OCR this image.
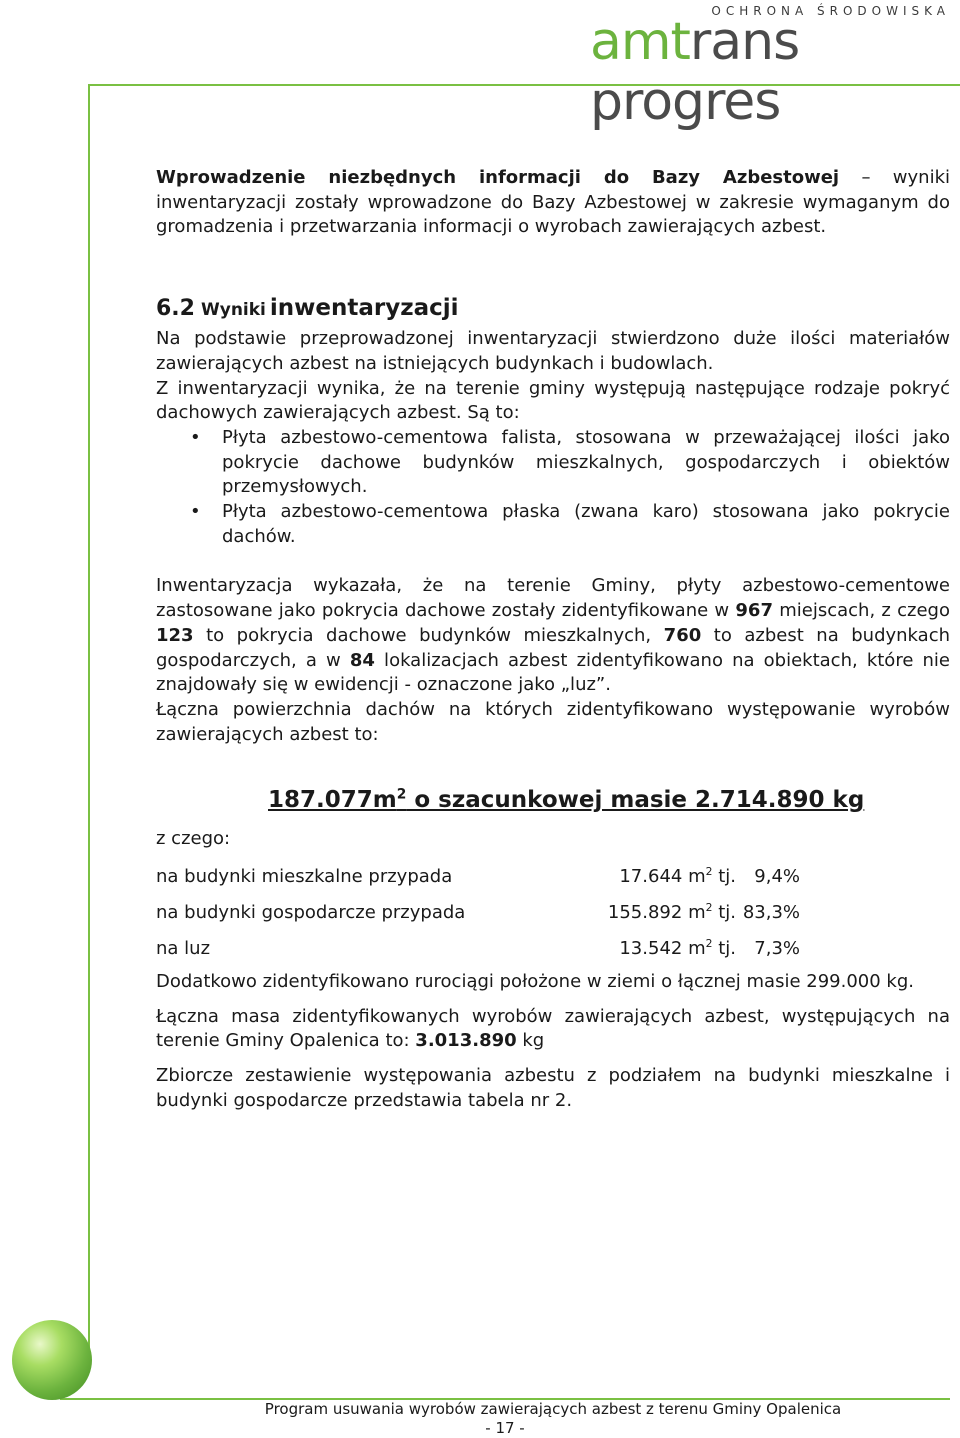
OCHRONA ŚRODOWISKA
amtrans progres

Wprowadzenie niezbędnych informacji do Bazy Azbestowej – wyniki inwentaryzacji zostały wprowadzone do Bazy Azbestowej w zakresie wymaganym do gromadzenia i przetwarzania informacji o wyrobach zawierających azbest.

6.2 Wyniki inwentaryzacji

Na podstawie przeprowadzonej inwentaryzacji stwierdzono duże ilości materiałów zawierających azbest na istniejących budynkach i budowlach.

Z inwentaryzacji wynika, że na terenie gminy występują następujące rodzaje pokryć dachowych zawierających azbest. Są to:

• Płyta azbestowo-cementowa falista, stosowana w przeważającej ilości jako pokrycie dachowe budynków mieszkalnych, gospodarczych i obiektów przemysłowych.
• Płyta azbestowo-cementowa płaska (zwana karo) stosowana jako pokrycie dachów.

Inwentaryzacja wykazała, że na terenie Gminy, płyty azbestowo-cementowe zastosowane jako pokrycia dachowe zostały zidentyfikowane w 967 miejscach, z czego 123 to pokrycia dachowe budynków mieszkalnych, 760 to azbest na budynkach gospodarczych, a w 84 lokalizacjach azbest zidentyfikowano na obiektach, które nie znajdowały się w ewidencji - oznaczone jako „luz”.

Łączna powierzchnia dachów na których zidentyfikowano występowanie wyrobów zawierających azbest to:

$187.077m^2$ o szacunkowej masie 2.714.890 kg

z czego:

na budynki mieszkalne przypada	17.644 $m^2$ tj. 9,4%
na budynki gospodarcze przypada	155.892 $m^2$ tj. 83,3%
na luz	13.542 $m^2$ tj. 7,3%

Dodatkowo zidentyfikowano rurociągi położone w ziemi o łącznej masie 299.000 kg.

Łączna masa zidentyfikowanych wyrobów zawierających azbest, występujących na terenie Gminy Opalenica to: 3.013.890 kg

Zbiorcze zestawienie występowania azbestu z podziałem na budynki mieszkalne i budynki gospodarcze przedstawia tabela nr 2.

Program usuwania wyrobów zawierających azbest z terenu Gminy Opalenica
- 17 -
